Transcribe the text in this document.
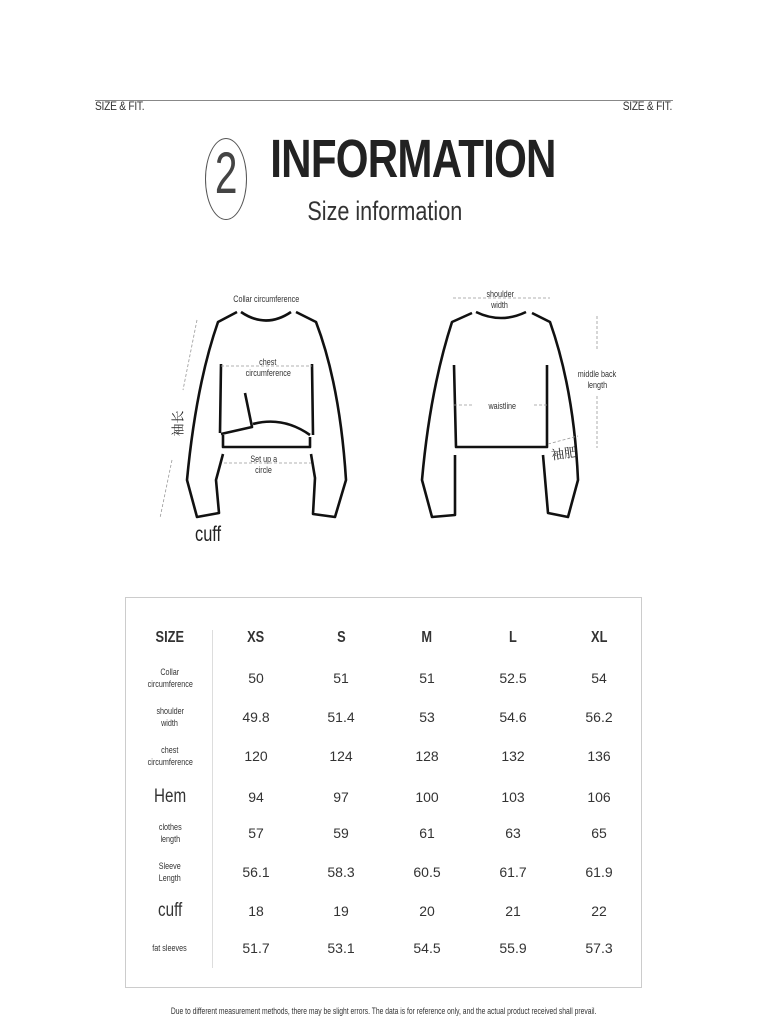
SIZE & FIT.	SIZE & FIT.
2 INFORMATION
Size information
Collar circumference
chest
circumference
Set up a
circle
袖长
cuff
shoulder
width
middle back
length
waistline
袖肥
SIZE	XS	S	M	L	XL
Collar
circumference	50	51	51	52.5	54
shoulder
width	49.8	51.4	53	54.6	56.2
chest
circumference	120	124	128	132	136
Hem	94	97	100	103	106
clothes
length	57	59	61	63	65
Sleeve
Length	56.1	58.3	60.5	61.7	61.9
cuff	18	19	20	21	22
fat sleeves	51.7	53.1	54.5	55.9	57.3
Due to different measurement methods, there may be slight errors. The data is for reference only, and the actual product received shall prevail.
